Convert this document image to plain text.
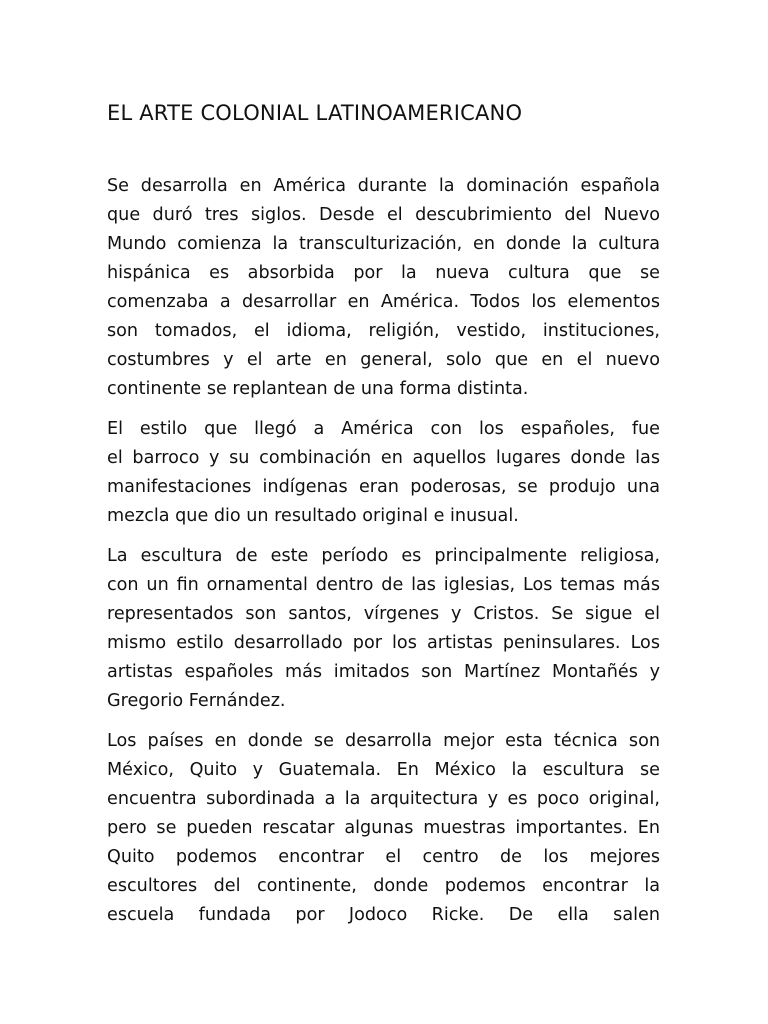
EL ARTE COLONIAL LATINOAMERICANO

Se desarrolla en América durante la dominación española
que duró tres siglos. Desde el descubrimiento del Nuevo
Mundo comienza la transculturización, en donde la cultura
hispánica es absorbida por la nueva cultura que se
comenzaba a desarrollar en América. Todos los elementos
son tomados, el idioma, religión, vestido, instituciones,
costumbres y el arte en general, solo que en el nuevo
continente se replantean de una forma distinta.

El estilo que llegó a América con los españoles, fue
el barroco y su combinación en aquellos lugares donde las
manifestaciones indígenas eran poderosas, se produjo una
mezcla que dio un resultado original e inusual.

La escultura de este período es principalmente religiosa,
con un fin ornamental dentro de las iglesias, Los temas más
representados son santos, vírgenes y Cristos. Se sigue el
mismo estilo desarrollado por los artistas peninsulares. Los
artistas españoles más imitados son Martínez Montañés y
Gregorio Fernández.

Los países en donde se desarrolla mejor esta técnica son
México, Quito y Guatemala. En México la escultura se
encuentra subordinada a la arquitectura y es poco original,
pero se pueden rescatar algunas muestras importantes. En
Quito podemos encontrar el centro de los mejores
escultores del continente, donde podemos encontrar la
escuela fundada por Jodoco Ricke. De ella salen
